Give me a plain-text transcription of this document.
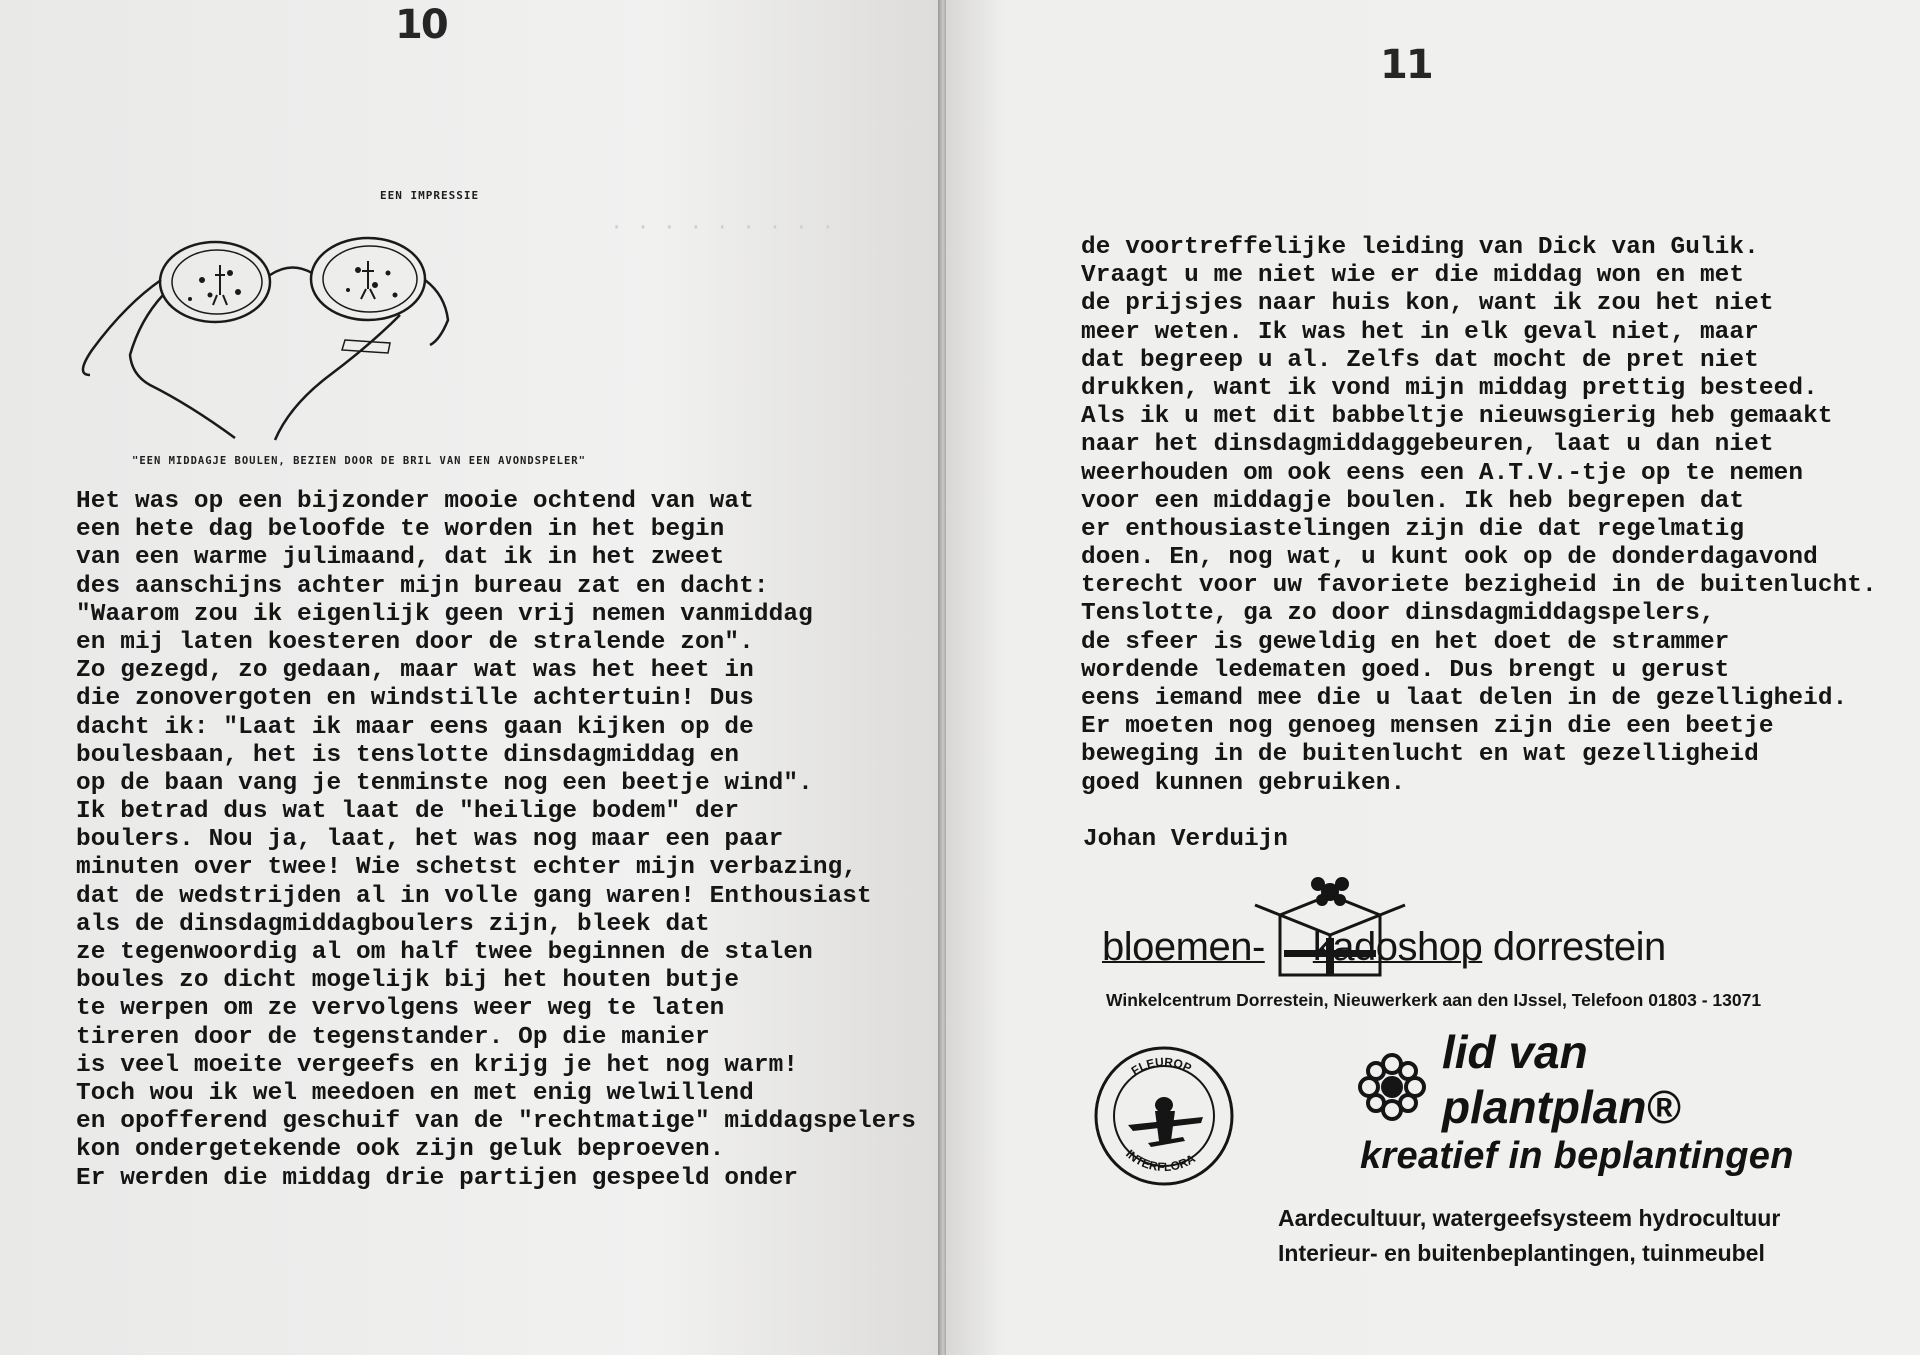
· · · · · · · · ·
10
EEN IMPRESSIE
"EEN MIDDAGJE BOULEN, BEZIEN DOOR DE BRIL VAN EEN AVONDSPELER"
Het was op een bijzonder mooie ochtend van wat
een hete dag beloofde te worden in het begin
van een warme julimaand, dat ik in het zweet
des aanschijns achter mijn bureau zat en dacht:
"Waarom zou ik eigenlijk geen vrij nemen vanmiddag
en mij laten koesteren door de stralende zon".
Zo gezegd, zo gedaan, maar wat was het heet in
die zonovergoten en windstille achtertuin! Dus
dacht ik: "Laat ik maar eens gaan kijken op de
boulesbaan, het is tenslotte dinsdagmiddag en
op de baan vang je tenminste nog een beetje wind".
Ik betrad dus wat laat de "heilige bodem" der
boulers. Nou ja, laat, het was nog maar een paar
minuten over twee! Wie schetst echter mijn verbazing,
dat de wedstrijden al in volle gang waren! Enthousiast
als de dinsdagmiddagboulers zijn, bleek dat
ze tegenwoordig al om half twee beginnen de stalen
boules zo dicht mogelijk bij het houten butje
te werpen om ze vervolgens weer weg te laten
tireren door de tegenstander. Op die manier
is veel moeite vergeefs en krijg je het nog warm!
Toch wou ik wel meedoen en met enig welwillend
en opofferend geschuif van de "rechtmatige" middagspelers
kon ondergetekende ook zijn geluk beproeven.
Er werden die middag drie partijen gespeeld onder
11
de voortreffelijke leiding van Dick van Gulik.
Vraagt u me niet wie er die middag won en met
de prijsjes naar huis kon, want ik zou het niet
meer weten. Ik was het in elk geval niet, maar
dat begreep u al. Zelfs dat mocht de pret niet
drukken, want ik vond mijn middag prettig besteed.
Als ik u met dit babbeltje nieuwsgierig heb gemaakt
naar het dinsdagmiddaggebeuren, laat u dan niet
weerhouden om ook eens een A.T.V.-tje op te nemen
voor een middagje boulen. Ik heb begrepen dat
er enthousiastelingen zijn die dat regelmatig
doen. En, nog wat, u kunt ook op de donderdagavond
terecht voor uw favoriete bezigheid in de buitenlucht.
Tenslotte, ga zo door dinsdagmiddagspelers,
de sfeer is geweldig en het doet de strammer
wordende ledematen goed. Dus brengt u gerust
eens iemand mee die u laat delen in de gezelligheid.
Er moeten nog genoeg mensen zijn die een beetje
beweging in de buitenlucht en wat gezelligheid
goed kunnen gebruiken.
Johan Verduijn
bloemen- kadoshop dorrestein
Winkelcentrum Dorrestein, Nieuwerkerk aan den IJssel, Telefoon 01803 - 13071
FLEUROP
INTERFLORA
lid van
plantplan®
kreatief in beplantingen
Aardecultuur, watergeefsysteem hydrocultuur
Interieur- en buitenbeplantingen, tuinmeubel
